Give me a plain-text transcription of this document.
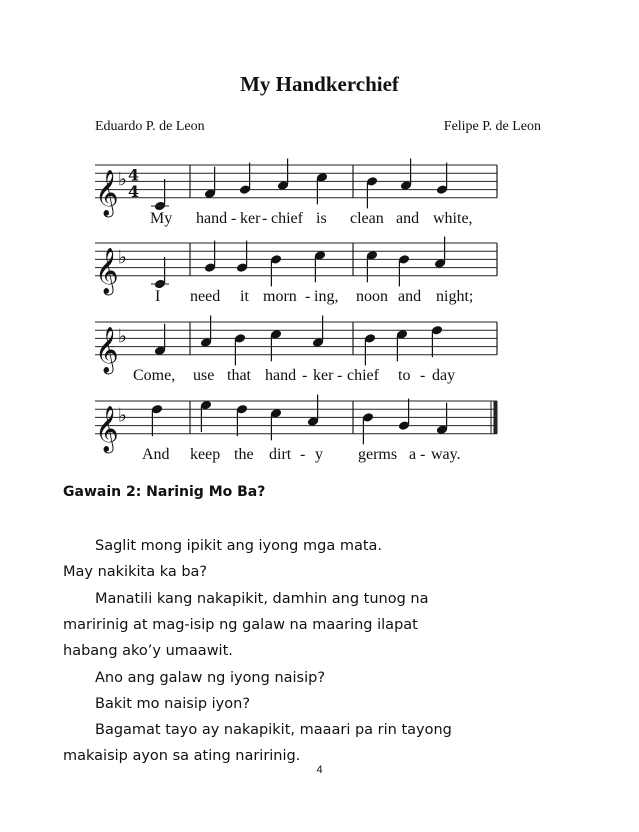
My Handkerchief
Eduardo P. de Leon	Felipe P. de Leon
𝄞 ♭ 4
4
𝄞 ♭
𝄞 ♭
𝄞 ♭
My hand - ker - chief is clean and white,
I need it morn - ing, noon and night;
Come, use that hand - ker - chief to - day
And keep the dirt - y germs a - way.
Gawain 2: Narinig Mo Ba?
Saglit mong ipikit ang iyong mga mata.
May nakikita ka ba?
Manatili kang nakapikit, damhin ang tunog na
maririnig at mag-isip ng galaw na maaring ilapat
habang ako’y umaawit.
Ano ang galaw ng iyong naisip?
Bakit mo naisip iyon?
Bagamat tayo ay nakapikit, maaari pa rin tayong
makaisip ayon sa ating naririnig.
4
